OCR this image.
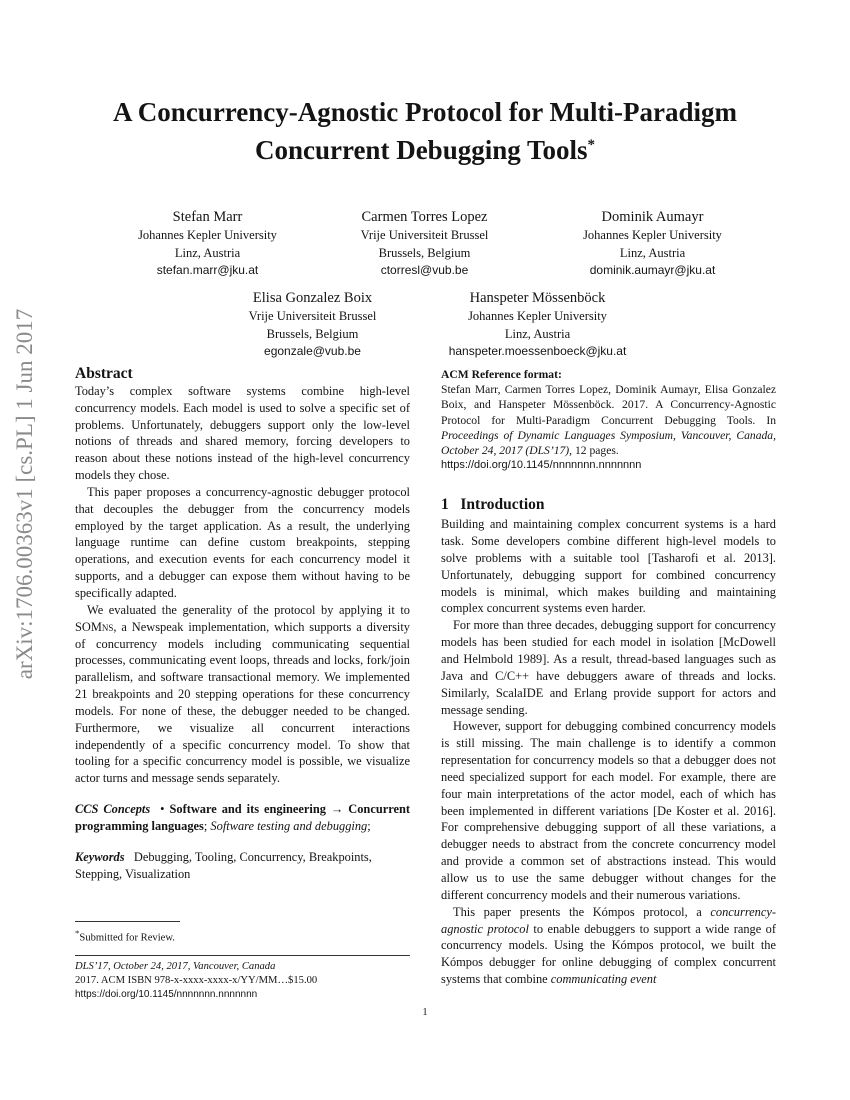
arXiv:1706.00363v1 [cs.PL] 1 Jun 2017
A Concurrency-Agnostic Protocol for Multi-Paradigm
Concurrent Debugging Tools*
Stefan Marr
Johannes Kepler University
Linz, Austria
stefan.marr@jku.at
Carmen Torres Lopez
Vrije Universiteit Brussel
Brussels, Belgium
ctorresl@vub.be
Dominik Aumayr
Johannes Kepler University
Linz, Austria
dominik.aumayr@jku.at
Elisa Gonzalez Boix
Vrije Universiteit Brussel
Brussels, Belgium
egonzale@vub.be
Hanspeter Mössenböck
Johannes Kepler University
Linz, Austria
hanspeter.moessenboeck@jku.at
Abstract

Today’s complex software systems combine high-level concurrency models. Each model is used to solve a specific set of problems. Unfortunately, debuggers support only the low-level notions of threads and shared memory, forcing developers to reason about these notions instead of the high-level concurrency models they chose.

This paper proposes a concurrency-agnostic debugger protocol that decouples the debugger from the concurrency models employed by the target application. As a result, the underlying language runtime can define custom breakpoints, stepping operations, and execution events for each concurrency model it supports, and a debugger can expose them without having to be specifically adapted.

We evaluated the generality of the protocol by applying it to SOMns, a Newspeak implementation, which supports a diversity of concurrency models including communicating sequential processes, communicating event loops, threads and locks, fork/join parallelism, and software transactional memory. We implemented 21 breakpoints and 20 stepping operations for these concurrency models. For none of these, the debugger needed to be changed. Furthermore, we visualize all concurrent interactions independently of a specific concurrency model. To show that tooling for a specific concurrency model is possible, we visualize actor turns and message sends separately.

CCS Concepts • Software and its engineering → Concurrent programming languages; Software testing and debugging;

Keywords Debugging, Tooling, Concurrency, Breakpoints, Stepping, Visualization

*Submitted for Review.
DLS’17, October 24, 2017, Vancouver, Canada
2017. ACM ISBN 978-x-xxxx-xxxx-x/YY/MM…$15.00
https://doi.org/10.1145/nnnnnnn.nnnnnnn
ACM Reference format:
Stefan Marr, Carmen Torres Lopez, Dominik Aumayr, Elisa Gonzalez Boix, and Hanspeter Mössenböck. 2017. A Concurrency-Agnostic Protocol for Multi-Paradigm Concurrent Debugging Tools. In Proceedings of Dynamic Languages Symposium, Vancouver, Canada, October 24, 2017 (DLS’17), 12 pages.
https://doi.org/10.1145/nnnnnnn.nnnnnnn
1 Introduction

Building and maintaining complex concurrent systems is a hard task. Some developers combine different high-level models to solve problems with a suitable tool [Tasharofi et al. 2013]. Unfortunately, debugging support for combined concurrency models is minimal, which makes building and maintaining complex concurrent systems even harder.

For more than three decades, debugging support for concurrency models has been studied for each model in isolation [McDowell and Helmbold 1989]. As a result, thread-based languages such as Java and C/C++ have debuggers aware of threads and locks. Similarly, ScalaIDE and Erlang provide support for actors and message sending.

However, support for debugging combined concurrency models is still missing. The main challenge is to identify a common representation for concurrency models so that a debugger does not need specialized support for each model. For example, there are four main interpretations of the actor model, each of which has been implemented in different variations [De Koster et al. 2016]. For comprehensive debugging support of all these variations, a debugger needs to abstract from the concrete concurrency model and provide a common set of abstractions instead. This would allow us to use the same debugger without changes for the different concurrency models and their numerous variations.

This paper presents the Kómpos protocol, a concurrency-agnostic protocol to enable debuggers to support a wide range of concurrency models. Using the Kómpos protocol, we built the Kómpos debugger for online debugging of complex concurrent systems that combine communicating event

1
